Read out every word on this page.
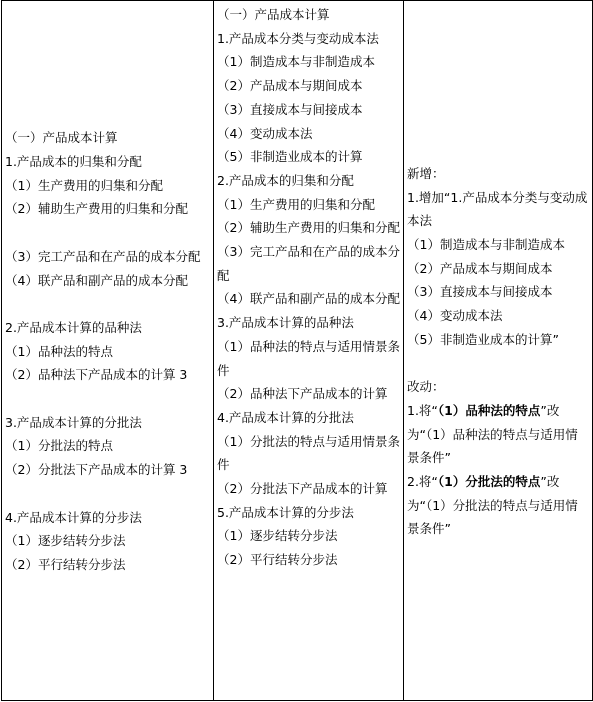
（一）产品成本计算
1.产品成本的归集和分配
（1）生产费用的归集和分配
（2）辅助生产费用的归集和分配
（3）完工产品和在产品的成本分配
（4）联产品和副产品的成本分配
2.产品成本计算的品种法
（1）品种法的特点
（2）品种法下产品成本的计算 3
3.产品成本计算的分批法
（1）分批法的特点
（2）分批法下产品成本的计算 3
4.产品成本计算的分步法
（1）逐步结转分步法
（2）平行结转分步法

（一）产品成本计算
1.产品成本分类与变动成本法
（1）制造成本与非制造成本
（2）产品成本与期间成本
（3）直接成本与间接成本
（4）变动成本法
（5）非制造业成本的计算
2.产品成本的归集和分配
（1）生产费用的归集和分配
（2）辅助生产费用的归集和分配
（3）完工产品和在产品的成本分配
（4）联产品和副产品的成本分配
3.产品成本计算的品种法
（1）品种法的特点与适用情景条件
（2）品种法下产品成本的计算
4.产品成本计算的分批法
（1）分批法的特点与适用情景条件
（2）分批法下产品成本的计算
5.产品成本计算的分步法
（1）逐步结转分步法
（2）平行结转分步法

新增：
1.增加“1.产品成本分类与变动成本法
（1）制造成本与非制造成本
（2）产品成本与期间成本
（3）直接成本与间接成本
（4）变动成本法
（5）非制造业成本的计算”
改动：
1.将“（1）品种法的特点”改为“（1）品种法的特点与适用情景条件”
2.将“（1）分批法的特点”改为“（1）分批法的特点与适用情景条件”
